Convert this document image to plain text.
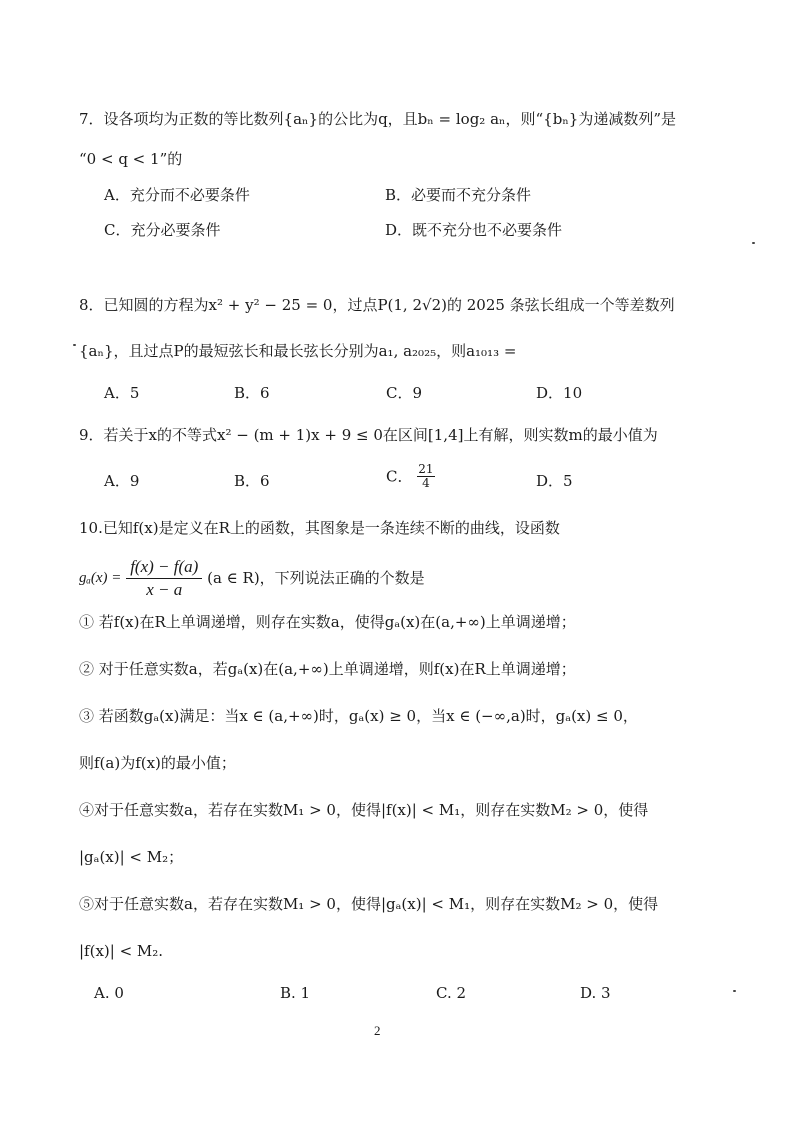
7．设各项均为正数的等比数列{aₙ}的公比为q，且bₙ = log₂ aₙ，则“{bₙ}为递减数列”是
“0 < q < 1”的
A．充分而不必要条件	B．必要而不充分条件
C．充分必要条件	D．既不充分也不必要条件
8．已知圆的方程为x² + y² − 25 = 0，过点P(1, 2√2)的 2025 条弦长组成一个等差数列
{aₙ}，且过点P的最短弦长和最长弦长分别为a₁, a₂₀₂₅，则a₁₀₁₃ =
A．5	B．6	C．9	D．10
9．若关于x的不等式x² − (m + 1)x + 9 ≤ 0在区间[1,4]上有解，则实数m的最小值为
A．9	B．6	C． $\frac{21}{4}$	D．5
10.已知f(x)是定义在R上的函数，其图象是一条连续不断的曲线，设函数
$g_a(x) = \frac{f(x) - f(a)}{x - a} (a$ ∈ R)，下列说法正确的个数是
① 若f(x)在R上单调递增，则存在实数a，使得gₐ(x)在(a,+∞)上单调递增；
② 对于任意实数a，若gₐ(x)在(a,+∞)上单调递增，则f(x)在R上单调递增；
③ 若函数gₐ(x)满足：当x ∈ (a,+∞)时，gₐ(x) ≥ 0，当x ∈ (−∞,a)时，gₐ(x) ≤ 0，
则f(a)为f(x)的最小值；
④对于任意实数a，若存在实数M₁ > 0，使得|f(x)| < M₁，则存在实数M₂ > 0，使得
|gₐ(x)| < M₂；
⑤对于任意实数a，若存在实数M₁ > 0，使得|gₐ(x)| < M₁，则存在实数M₂ > 0，使得
|f(x)| < M₂.
A. 0	B. 1	C. 2	D. 3
2
